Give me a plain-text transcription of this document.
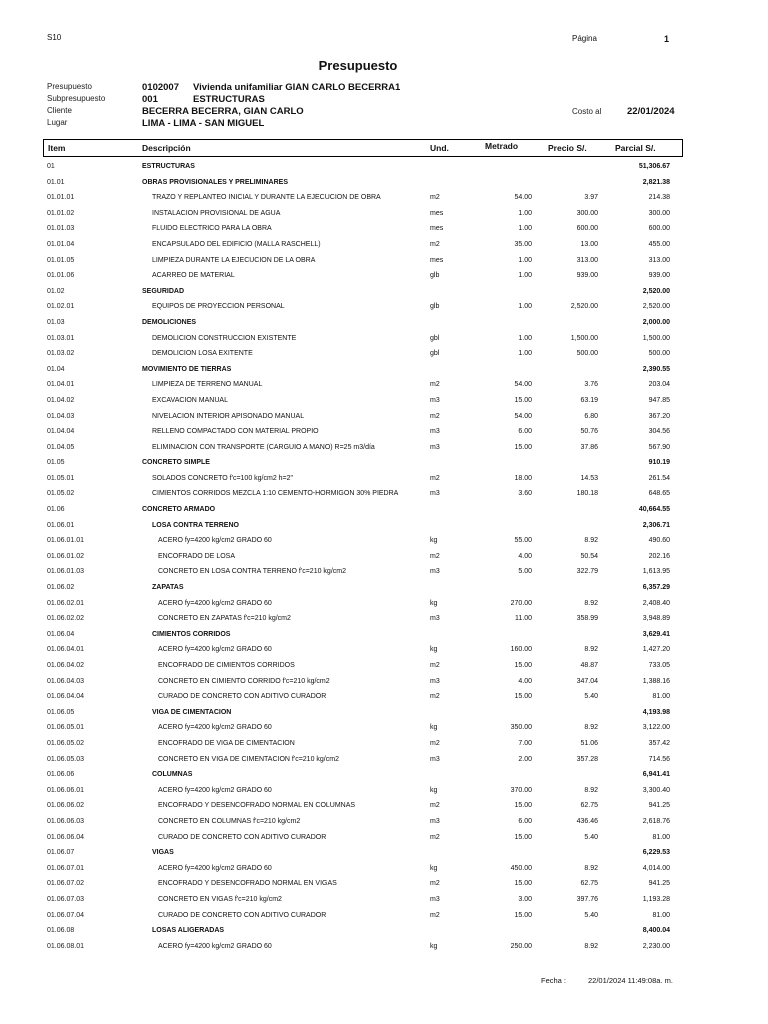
S10	Página	1
Presupuesto
Presupuesto	0102007 Vivienda unifamiliar GIAN CARLO BECERRA1
Subpresupuesto	001	ESTRUCTURAS
Cliente	BECERRA BECERRA, GIAN CARLO	Costo al	22/01/2024
Lugar	LIMA - LIMA - SAN MIGUEL
Item	Descripción	Und.	Metrado	Precio S/.	Parcial S/.
01	ESTRUCTURAS	51,306.67
01.01	OBRAS PROVISIONALES Y PRELIMINARES	2,821.38
01.01.01	TRAZO Y REPLANTEO INICIAL Y DURANTE LA EJECUCION DE OBRA	m2	54.00	3.97	214.38
01.01.02	INSTALACION PROVISIONAL DE AGUA	mes	1.00	300.00	300.00
01.01.03	FLUIDO ELECTRICO PARA LA OBRA	mes	1.00	600.00	600.00
01.01.04	ENCAPSULADO DEL EDIFICIO (MALLA RASCHELL)	m2	35.00	13.00	455.00
01.01.05	LIMPIEZA DURANTE LA EJECUCION DE LA OBRA	mes	1.00	313.00	313.00
01.01.06	ACARREO DE MATERIAL	glb	1.00	939.00	939.00
01.02	SEGURIDAD	2,520.00
01.02.01	EQUIPOS DE PROYECCION PERSONAL	glb	1.00	2,520.00	2,520.00
01.03	DEMOLICIONES	2,000.00
01.03.01	DEMOLICION CONSTRUCCION EXISTENTE	gbl	1.00	1,500.00	1,500.00
01.03.02	DEMOLICION LOSA EXITENTE	gbl	1.00	500.00	500.00
01.04	MOVIMIENTO DE TIERRAS	2,390.55
01.04.01	LIMPIEZA DE TERRENO MANUAL	m2	54.00	3.76	203.04
01.04.02	EXCAVACION MANUAL	m3	15.00	63.19	947.85
01.04.03	NIVELACION INTERIOR APISONADO MANUAL	m2	54.00	6.80	367.20
01.04.04	RELLENO COMPACTADO CON MATERIAL PROPIO	m3	6.00	50.76	304.56
01.04.05	ELIMINACION CON TRANSPORTE (CARGUIO A MANO) R=25 m3/día	m3	15.00	37.86	567.90
01.05	CONCRETO SIMPLE	910.19
01.05.01	SOLADOS CONCRETO f'c=100 kg/cm2 h=2"	m2	18.00	14.53	261.54
01.05.02	CIMIENTOS CORRIDOS MEZCLA 1:10 CEMENTO-HORMIGON 30% PIEDRA	m3	3.60	180.18	648.65
01.06	CONCRETO ARMADO	40,664.55
01.06.01	LOSA CONTRA TERRENO	2,306.71
01.06.01.01	ACERO fy=4200 kg/cm2 GRADO 60	kg	55.00	8.92	490.60
01.06.01.02	ENCOFRADO DE LOSA	m2	4.00	50.54	202.16
01.06.01.03	CONCRETO EN LOSA CONTRA TERRENO f'c=210 kg/cm2	m3	5.00	322.79	1,613.95
01.06.02	ZAPATAS	6,357.29
01.06.02.01	ACERO fy=4200 kg/cm2 GRADO 60	kg	270.00	8.92	2,408.40
01.06.02.02	CONCRETO EN ZAPATAS f'c=210 kg/cm2	m3	11.00	358.99	3,948.89
01.06.04	CIMIENTOS CORRIDOS	3,629.41
01.06.04.01	ACERO fy=4200 kg/cm2 GRADO 60	kg	160.00	8.92	1,427.20
01.06.04.02	ENCOFRADO DE CIMIENTOS CORRIDOS	m2	15.00	48.87	733.05
01.06.04.03	CONCRETO EN CIMIENTO CORRIDO f'c=210 kg/cm2	m3	4.00	347.04	1,388.16
01.06.04.04	CURADO DE CONCRETO CON ADITIVO CURADOR	m2	15.00	5.40	81.00
01.06.05	VIGA DE CIMENTACION	4,193.98
01.06.05.01	ACERO fy=4200 kg/cm2 GRADO 60	kg	350.00	8.92	3,122.00
01.06.05.02	ENCOFRADO DE VIGA DE CIMENTACION	m2	7.00	51.06	357.42
01.06.05.03	CONCRETO EN VIGA DE CIMENTACION f'c=210 kg/cm2	m3	2.00	357.28	714.56
01.06.06	COLUMNAS	6,941.41
01.06.06.01	ACERO fy=4200 kg/cm2 GRADO 60	kg	370.00	8.92	3,300.40
01.06.06.02	ENCOFRADO Y DESENCOFRADO NORMAL EN COLUMNAS	m2	15.00	62.75	941.25
01.06.06.03	CONCRETO EN COLUMNAS f'c=210 kg/cm2	m3	6.00	436.46	2,618.76
01.06.06.04	CURADO DE CONCRETO CON ADITIVO CURADOR	m2	15.00	5.40	81.00
01.06.07	VIGAS	6,229.53
01.06.07.01	ACERO fy=4200 kg/cm2 GRADO 60	kg	450.00	8.92	4,014.00
01.06.07.02	ENCOFRADO Y DESENCOFRADO NORMAL EN VIGAS	m2	15.00	62.75	941.25
01.06.07.03	CONCRETO EN VIGAS f'c=210 kg/cm2	m3	3.00	397.76	1,193.28
01.06.07.04	CURADO DE CONCRETO CON ADITIVO CURADOR	m2	15.00	5.40	81.00
01.06.08	LOSAS ALIGERADAS	8,400.04
01.06.08.01	ACERO fy=4200 kg/cm2 GRADO 60	kg	250.00	8.92	2,230.00
Fecha :	22/01/2024 11:49:08a. m.
